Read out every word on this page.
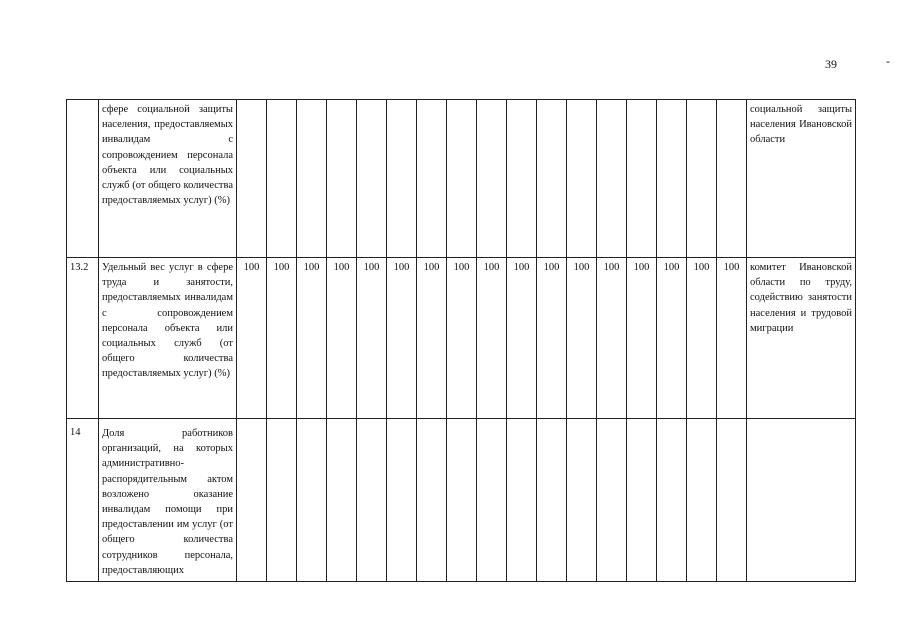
39	-
	сфере социальной защиты населения, предоставляемых инвалидам с сопровождением персонала объекта или социальных служб (от общего количества предоставляемых услуг) (%)																		социальной защиты населения Ивановской области
13.2	Удельный вес услуг в сфере труда и занятости, предоставляемых инвалидам с сопровождением персонала объекта или социальных служб (от общего количества предоставляемых услуг) (%)	100	100	100	100	100	100	100	100	100	100	100	100	100	100	100	100	100	комитет Ивановской области по труду, содействию занятости населения и трудовой миграции
14	Доля работников организаций, на которых административно-распорядительным актом возложено оказание инвалидам помощи при предоставлении им услуг (от общего количества сотрудников персонала, предоставляющих																		
